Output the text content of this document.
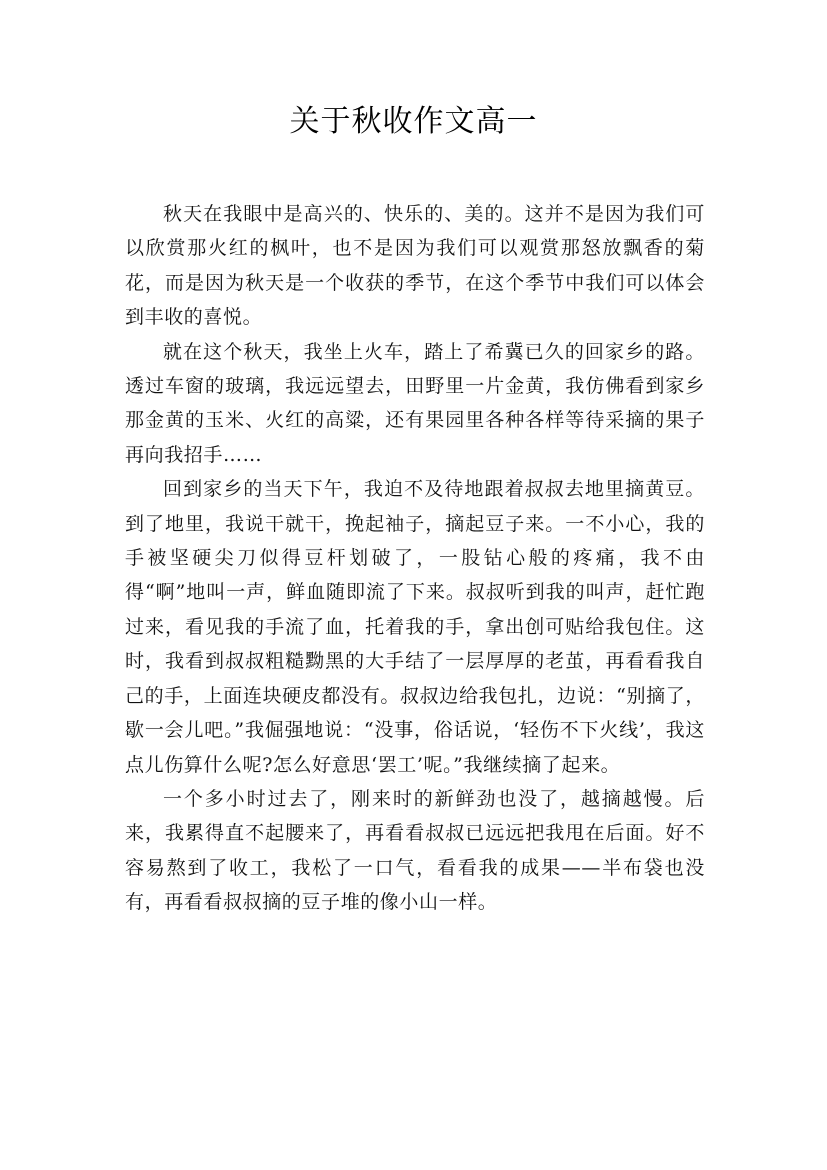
关于秋收作文高一

秋天在我眼中是高兴的、快乐的、美的。这并不是因为我们可以欣赏那火红的枫叶，也不是因为我们可以观赏那怒放飘香的菊花，而是因为秋天是一个收获的季节，在这个季节中我们可以体会到丰收的喜悦。

就在这个秋天，我坐上火车，踏上了希冀已久的回家乡的路。透过车窗的玻璃，我远远望去，田野里一片金黄，我仿佛看到家乡那金黄的玉米、火红的高粱，还有果园里各种各样等待采摘的果子再向我招手……

回到家乡的当天下午，我迫不及待地跟着叔叔去地里摘黄豆。到了地里，我说干就干，挽起袖子，摘起豆子来。一不小心，我的手被坚硬尖刀似得豆杆划破了，一股钻心般的疼痛，我不由得“啊”地叫一声，鲜血随即流了下来。叔叔听到我的叫声，赶忙跑过来，看见我的手流了血，托着我的手，拿出创可贴给我包住。这时，我看到叔叔粗糙黝黑的大手结了一层厚厚的老茧，再看看我自己的手，上面连块硬皮都没有。叔叔边给我包扎，边说：“别摘了，歇一会儿吧。”我倔强地说：“没事，俗话说，‘轻伤不下火线’，我这点儿伤算什么呢?怎么好意思‘罢工’呢。”我继续摘了起来。

一个多小时过去了，刚来时的新鲜劲也没了，越摘越慢。后来，我累得直不起腰来了，再看看叔叔已远远把我甩在后面。好不容易熬到了收工，我松了一口气，看看我的成果——半布袋也没有，再看看叔叔摘的豆子堆的像小山一样。
